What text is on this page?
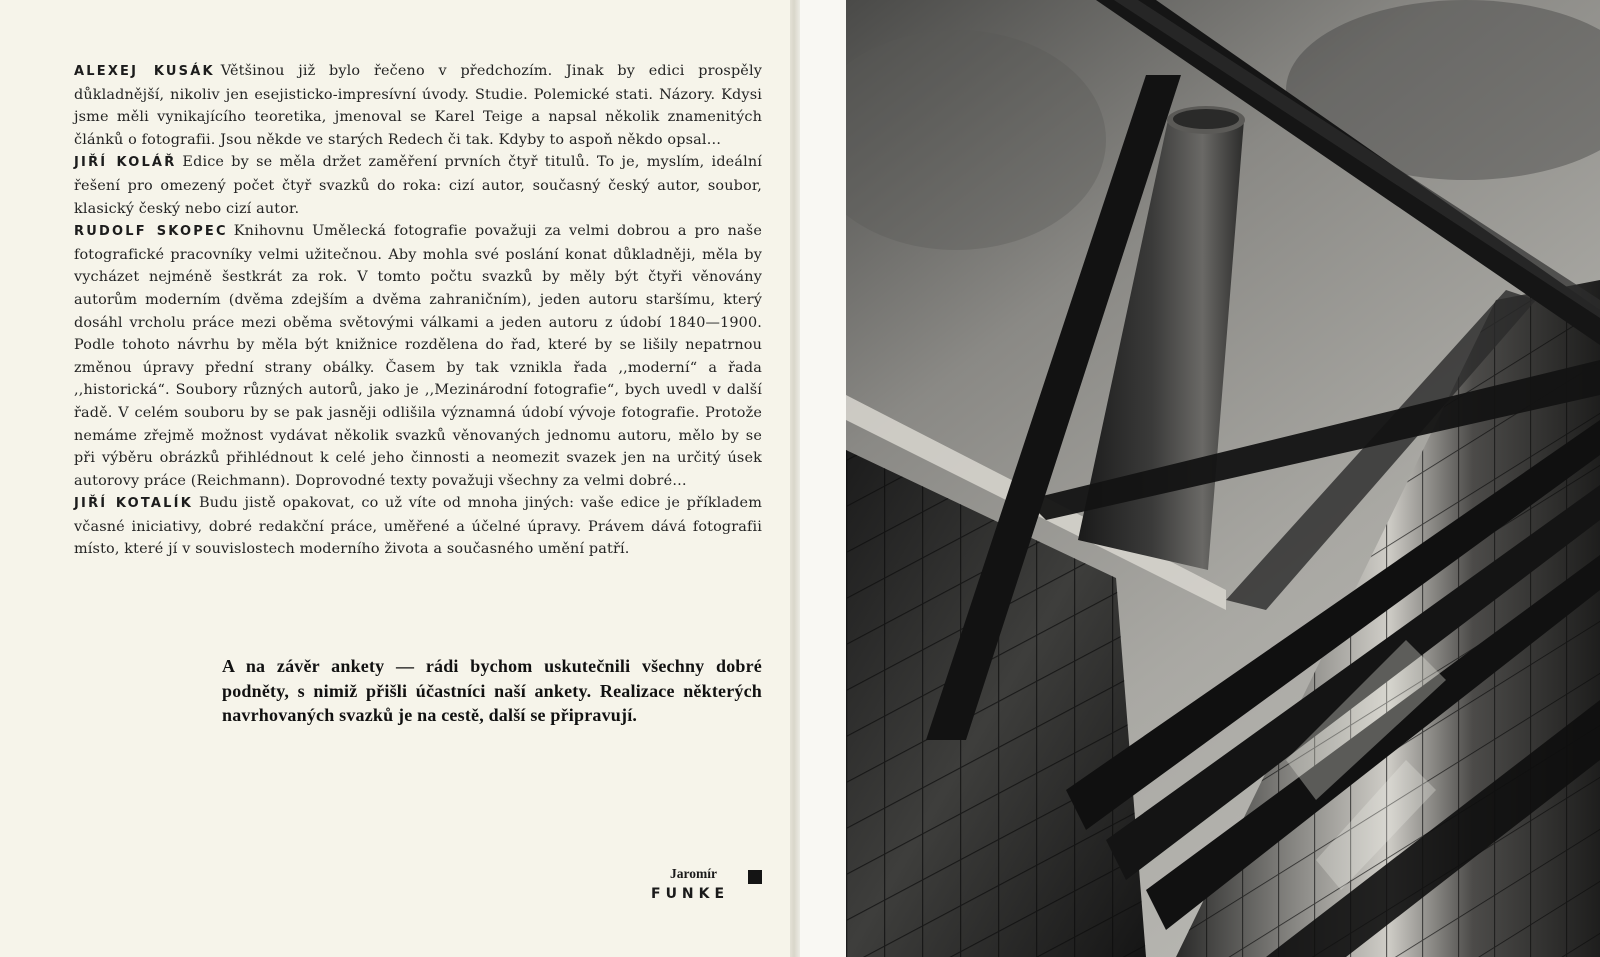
ALEXEJ KUSÁK Většinou již bylo řečeno v předchozím. Jinak by edici prospěly důkladnější, nikoliv jen esejisticko-impresívní úvody. Studie. Polemické stati. Názory. Kdysi jsme měli vynikajícího teoretika, jmenoval se Karel Teige a napsal několik znamenitých článků o fotografii. Jsou někde ve starých Redech či tak. Kdyby to aspoň někdo opsal…

JIŘÍ KOLÁŘ Edice by se měla držet zaměření prvních čtyř titulů. To je, myslím, ideální řešení pro omezený počet čtyř svazků do roka: cizí autor, současný český autor, soubor, klasický český nebo cizí autor.

RUDOLF SKOPEC Knihovnu Umělecká fotografie považuji za velmi dobrou a pro naše fotografické pracovníky velmi užitečnou. Aby mohla své poslání konat důkladněji, měla by vycházet nejméně šestkrát za rok. V tomto počtu svazků by měly být čtyři věnovány autorům moderním (dvěma zdejším a dvěma zahraničním), jeden autoru staršímu, který dosáhl vrcholu práce mezi oběma světovými válkami a jeden autoru z údobí 1840—1900. Podle tohoto návrhu by měla být knižnice rozdělena do řad, které by se lišily nepatrnou změnou úpravy přední strany obálky. Časem by tak vznikla řada ,,moderní“ a řada ,,historická“. Soubory různých autorů, jako je ,,Mezinárodní fotografie“, bych uvedl v další řadě. V celém souboru by se pak jasněji odlišila významná údobí vývoje fotografie. Protože nemáme zřejmě možnost vydávat několik svazků věnovaných jednomu autoru, mělo by se při výběru obrázků přihlédnout k celé jeho činnosti a neomezit svazek jen na určitý úsek autorovy práce (Reichmann). Doprovodné texty považuji všechny za velmi dobré…

JIŘÍ KOTALÍK Budu jistě opakovat, co už víte od mnoha jiných: vaše edice je příkladem včasné iniciativy, dobré redakční práce, uměřené a účelné úpravy. Právem dává fotografii místo, které jí v souvislostech moderního života a současného umění patří.

A na závěr ankety — rádi bychom uskutečnili všechny dobré podněty, s nimiž přišli účastníci naší ankety. Realizace některých navrhovaných svazků je na cestě, další se připravují.
Jaromír
FUNKE
